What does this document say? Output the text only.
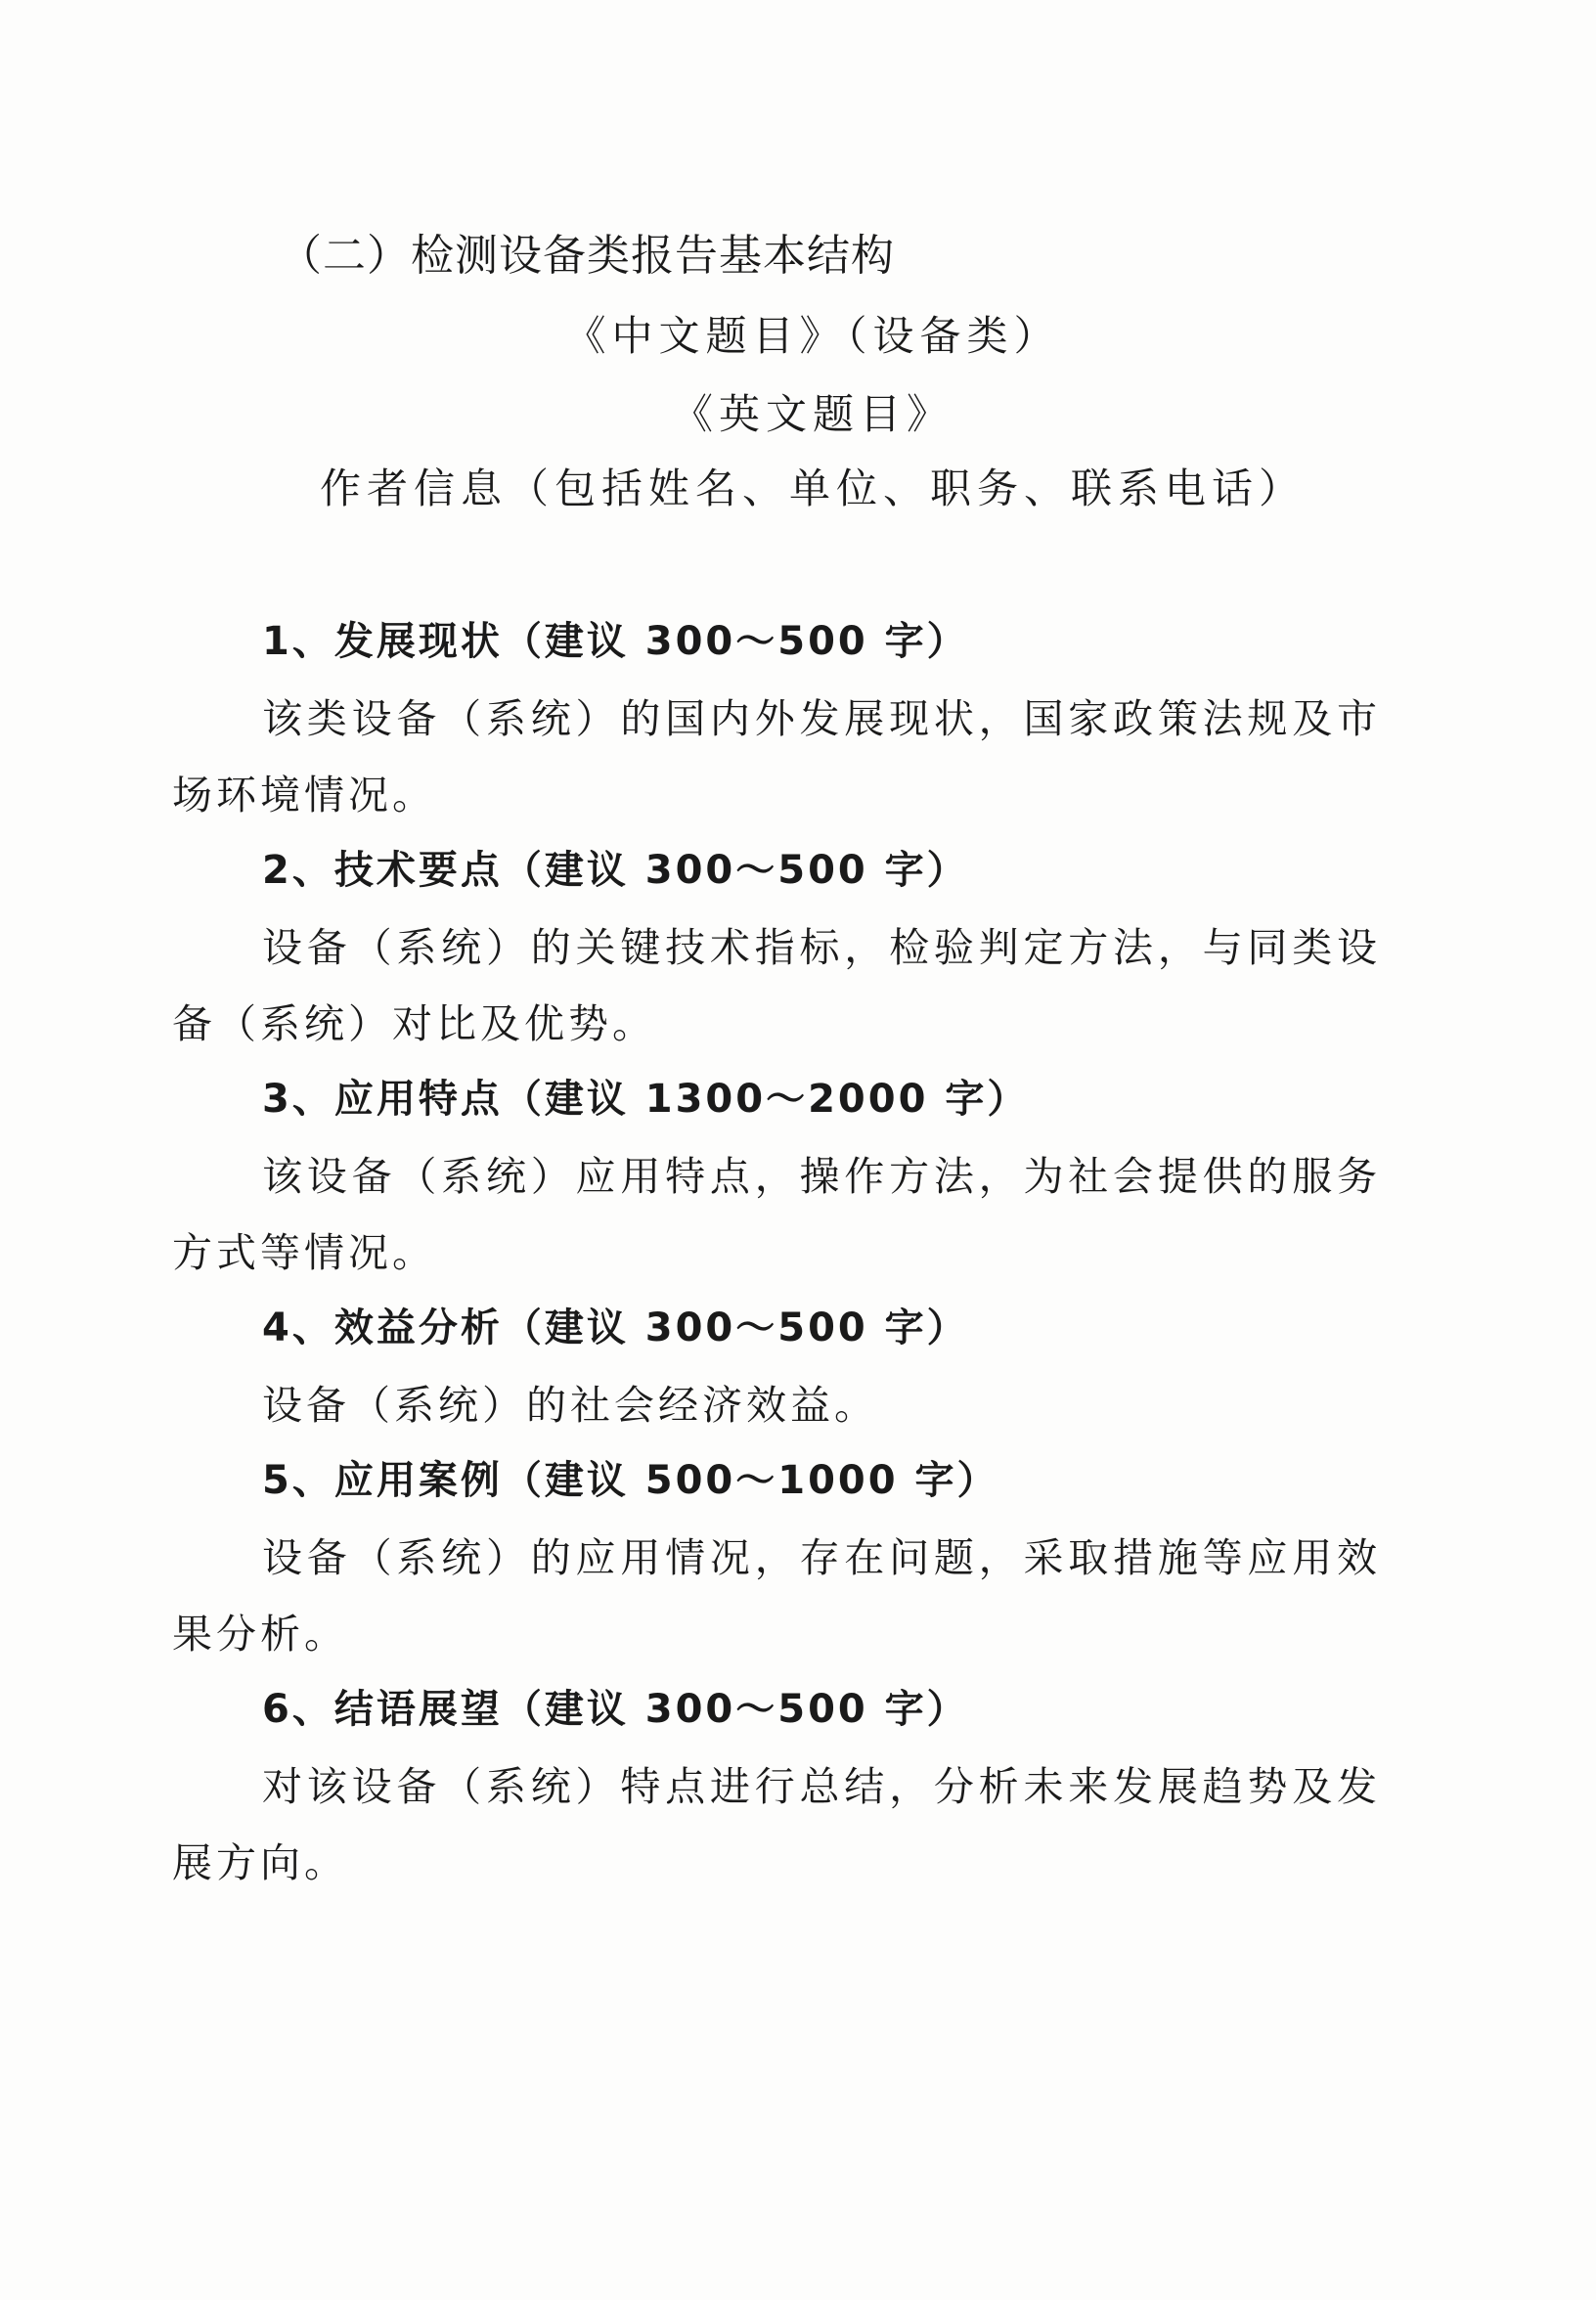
（二）检测设备类报告基本结构
《中文题目》（设备类）
《英文题目》
作者信息（包括姓名、单位、职务、联系电话）
1、发展现状（建议 300～500 字）
该类设备（系统）的国内外发展现状，国家政策法规及市场环境情况。
2、技术要点（建议 300～500 字）
设备（系统）的关键技术指标，检验判定方法，与同类设备（系统）对比及优势。
3、应用特点（建议 1300～2000 字）
该设备（系统）应用特点，操作方法，为社会提供的服务方式等情况。
4、效益分析（建议 300～500 字）
设备（系统）的社会经济效益。
5、应用案例（建议 500～1000 字）
设备（系统）的应用情况，存在问题，采取措施等应用效果分析。
6、结语展望（建议 300～500 字）
对该设备（系统）特点进行总结，分析未来发展趋势及发展方向。
